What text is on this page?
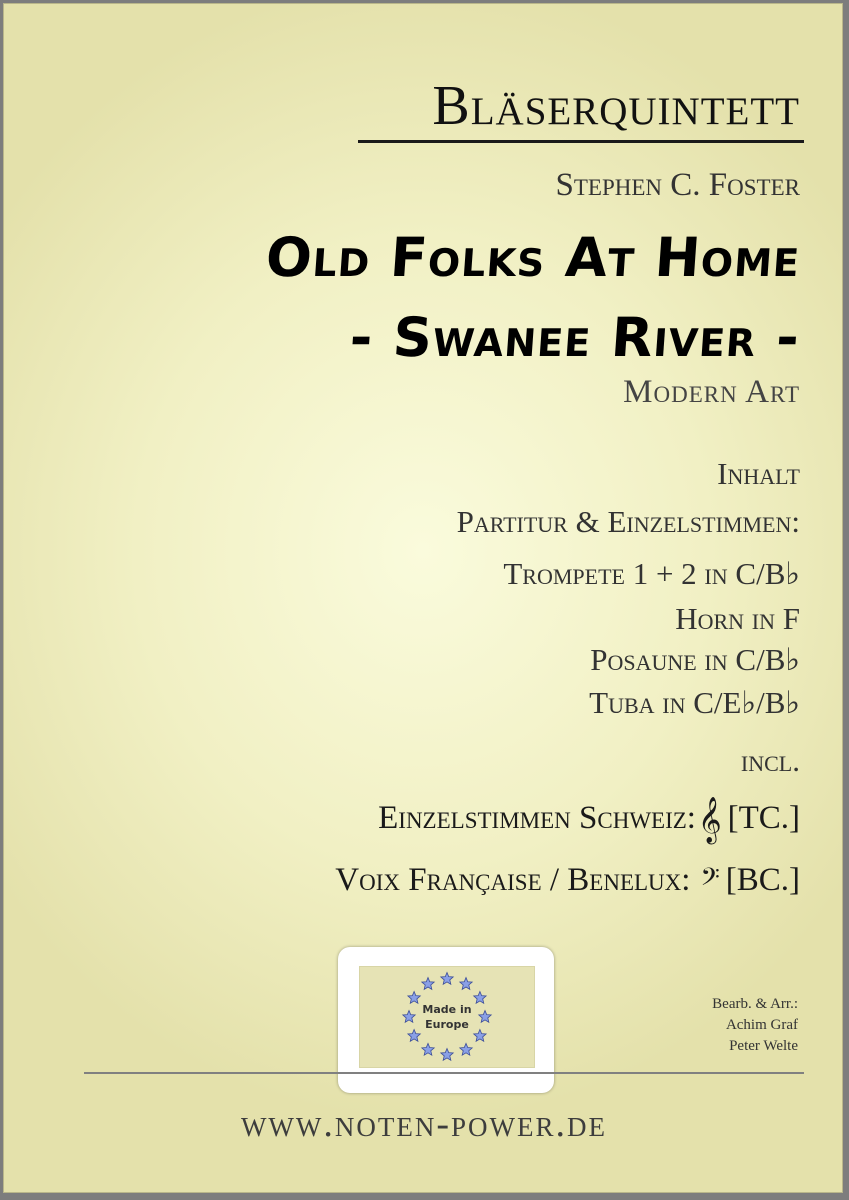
Bläserquintett
Stephen C. Foster
Old Folks At Home
- Swanee River -
Modern Art
Inhalt
Partitur & Einzelstimmen:
Trompete 1 + 2 in C/B♭
Horn in F
Posaune in C/B♭
Tuba in C/E♭/B♭
incl.
Einzelstimmen Schweiz:𝄞 [TC.]
Voix Française / Benelux: 𝄢 [BC.]
Made in
Europe
Bearb. & Arr.:
Achim Graf
Peter Welte
www.noten-power.de
